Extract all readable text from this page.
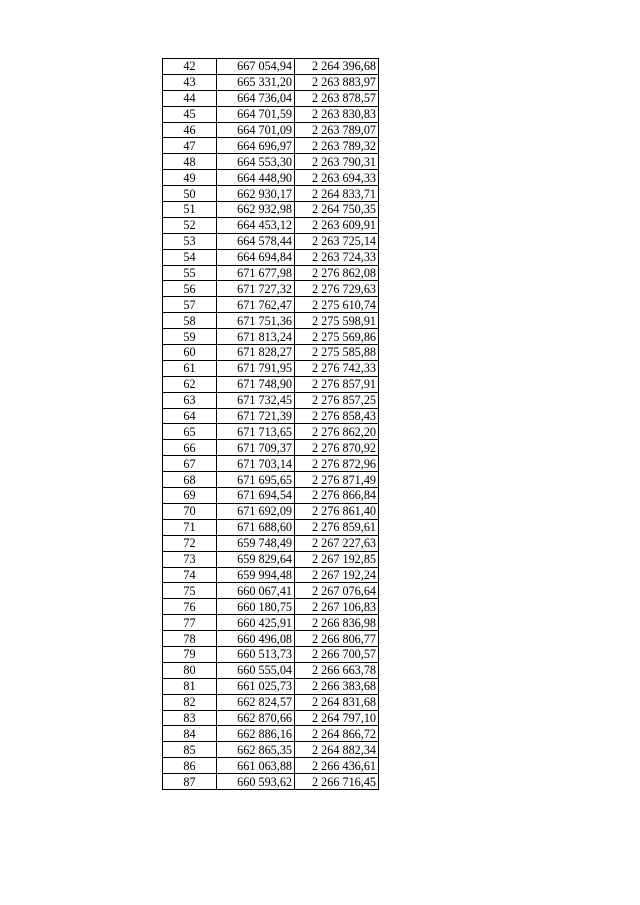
42	667 054,94	2 264 396,68
43	665 331,20	2 263 883,97
44	664 736,04	2 263 878,57
45	664 701,59	2 263 830,83
46	664 701,09	2 263 789,07
47	664 696,97	2 263 789,32
48	664 553,30	2 263 790,31
49	664 448,90	2 263 694,33
50	662 930,17	2 264 833,71
51	662 932,98	2 264 750,35
52	664 453,12	2 263 609,91
53	664 578,44	2 263 725,14
54	664 694,84	2 263 724,33
55	671 677,98	2 276 862,08
56	671 727,32	2 276 729,63
57	671 762,47	2 275 610,74
58	671 751,36	2 275 598,91
59	671 813,24	2 275 569,86
60	671 828,27	2 275 585,88
61	671 791,95	2 276 742,33
62	671 748,90	2 276 857,91
63	671 732,45	2 276 857,25
64	671 721,39	2 276 858,43
65	671 713,65	2 276 862,20
66	671 709,37	2 276 870,92
67	671 703,14	2 276 872,96
68	671 695,65	2 276 871,49
69	671 694,54	2 276 866,84
70	671 692,09	2 276 861,40
71	671 688,60	2 276 859,61
72	659 748,49	2 267 227,63
73	659 829,64	2 267 192,85
74	659 994,48	2 267 192,24
75	660 067,41	2 267 076,64
76	660 180,75	2 267 106,83
77	660 425,91	2 266 836,98
78	660 496,08	2 266 806,77
79	660 513,73	2 266 700,57
80	660 555,04	2 266 663,78
81	661 025,73	2 266 383,68
82	662 824,57	2 264 831,68
83	662 870,66	2 264 797,10
84	662 886,16	2 264 866,72
85	662 865,35	2 264 882,34
86	661 063,88	2 266 436,61
87	660 593,62	2 266 716,45
